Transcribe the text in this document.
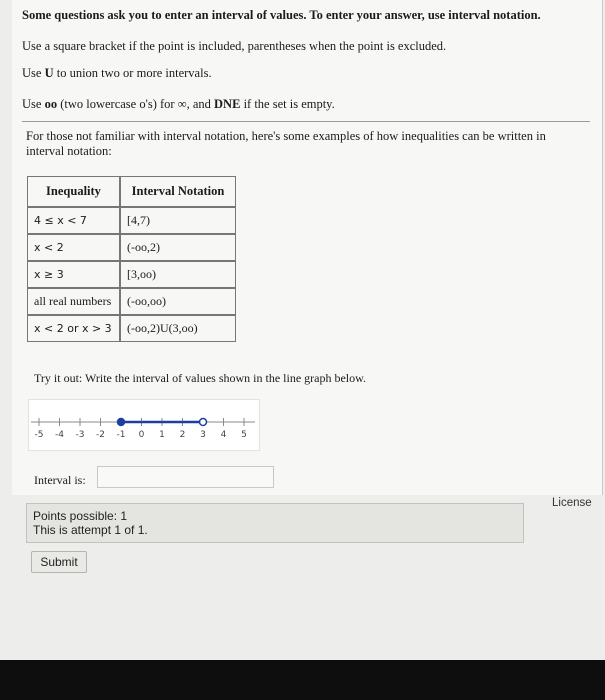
Some questions ask you to enter an interval of values. To enter your answer, use interval notation.

Use a square bracket if the point is included, parentheses when the point is excluded.

Use U to union two or more intervals.

Use oo (two lowercase o's) for ∞, and DNE if the set is empty.

For those not familiar with interval notation, here's some examples of how inequalities can be written in interval notation:

Inequality	Interval Notation
4 ≤ x < 7	[4,7)
x < 2	(-oo,2)
x ≥ 3	[3,oo)
all real numbers	(-oo,oo)
x < 2 or x > 3	(-oo,2)U(3,oo)

Try it out: Write the interval of values shown in the line graph below.

-5 -4 -3 -2 -1 0 1 2 3 4 5

Interval is:

License
Points possible: 1
This is attempt 1 of 1.
Submit
